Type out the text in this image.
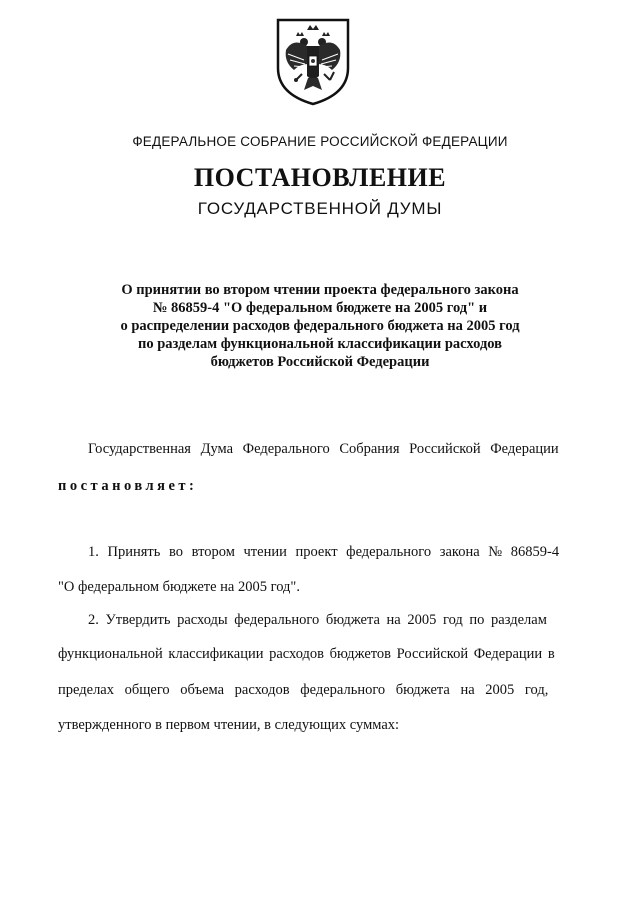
ФЕДЕРАЛЬНОЕ СОБРАНИЕ РОССИЙСКОЙ ФЕДЕРАЦИИ
ПОСТАНОВЛЕНИЕ
ГОСУДАРСТВЕННОЙ ДУМЫ
О принятии во втором чтении проекта федерального закона
№ 86859-4 "О федеральном бюджете на 2005 год" и
о распределении расходов федерального бюджета на 2005 год
по разделам функциональной классификации расходов
бюджетов Российской Федерации
Государственная Дума Федерального Собрания Российской Федерации
постановляет:
1. Принять во втором чтении проект федерального закона № 86859-4
"О федеральном бюджете на 2005 год".
2. Утвердить расходы федерального бюджета на 2005 год по разделам
функциональной классификации расходов бюджетов Российской Федерации в
пределах общего объема расходов федерального бюджета на 2005 год,
утвержденного в первом чтении, в следующих суммах:
